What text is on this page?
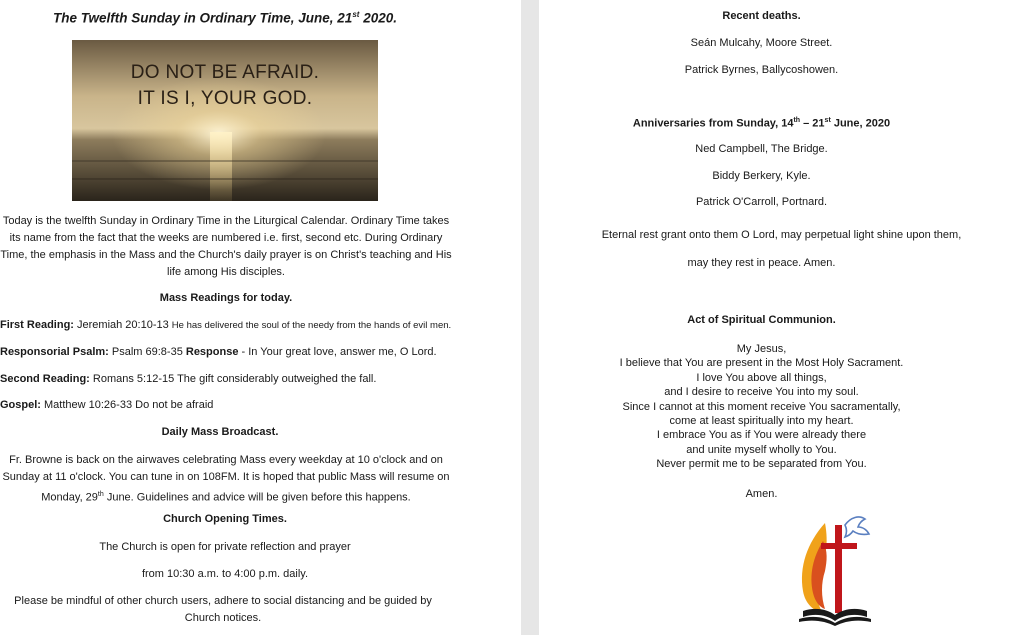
The Twelfth Sunday in Ordinary Time, June, 21st 2020.
DO NOT BE AFRAID.
IT IS I, YOUR GOD.
Today is the twelfth Sunday in Ordinary Time in the Liturgical Calendar. Ordinary Time takes its name from the fact that the weeks are numbered i.e. first, second etc. During Ordinary Time, the emphasis in the Mass and the Church's daily prayer is on Christ's teaching and His life among His disciples.
Mass Readings for today.
First Reading: Jeremiah 20:10-13 He has delivered the soul of the needy from the hands of evil men.
Responsorial Psalm: Psalm 69:8-35 Response - In Your great love, answer me, O Lord.
Second Reading: Romans 5:12-15 The gift considerably outweighed the fall.
Gospel: Matthew 10:26-33 Do not be afraid
Daily Mass Broadcast.
Fr. Browne is back on the airwaves celebrating Mass every weekday at 10 o'clock and on Sunday at 11 o'clock. You can tune in on 108FM. It is hoped that public Mass will resume on Monday, 29th June. Guidelines and advice will be given before this happens.
Church Opening Times.
The Church is open for private reflection and prayer
from 10:30 a.m. to 4:00 p.m. daily.
Please be mindful of other church users, adhere to social distancing and be guided by Church notices.
Recent deaths.
Seán Mulcahy, Moore Street.
Patrick Byrnes, Ballycoshowen.
Anniversaries from Sunday, 14th – 21st June, 2020
Ned Campbell, The Bridge.
Biddy Berkery, Kyle.
Patrick O'Carroll, Portnard.
Eternal rest grant onto them O Lord, may perpetual light shine upon them,
may they rest in peace. Amen.
Act of Spiritual Communion.
My Jesus,
I believe that You are present in the Most Holy Sacrament.
I love You above all things,
and I desire to receive You into my soul.
Since I cannot at this moment receive You sacramentally,
come at least spiritually into my heart.
I embrace You as if You were already there
and unite myself wholly to You.
Never permit me to be separated from You.
Amen.
